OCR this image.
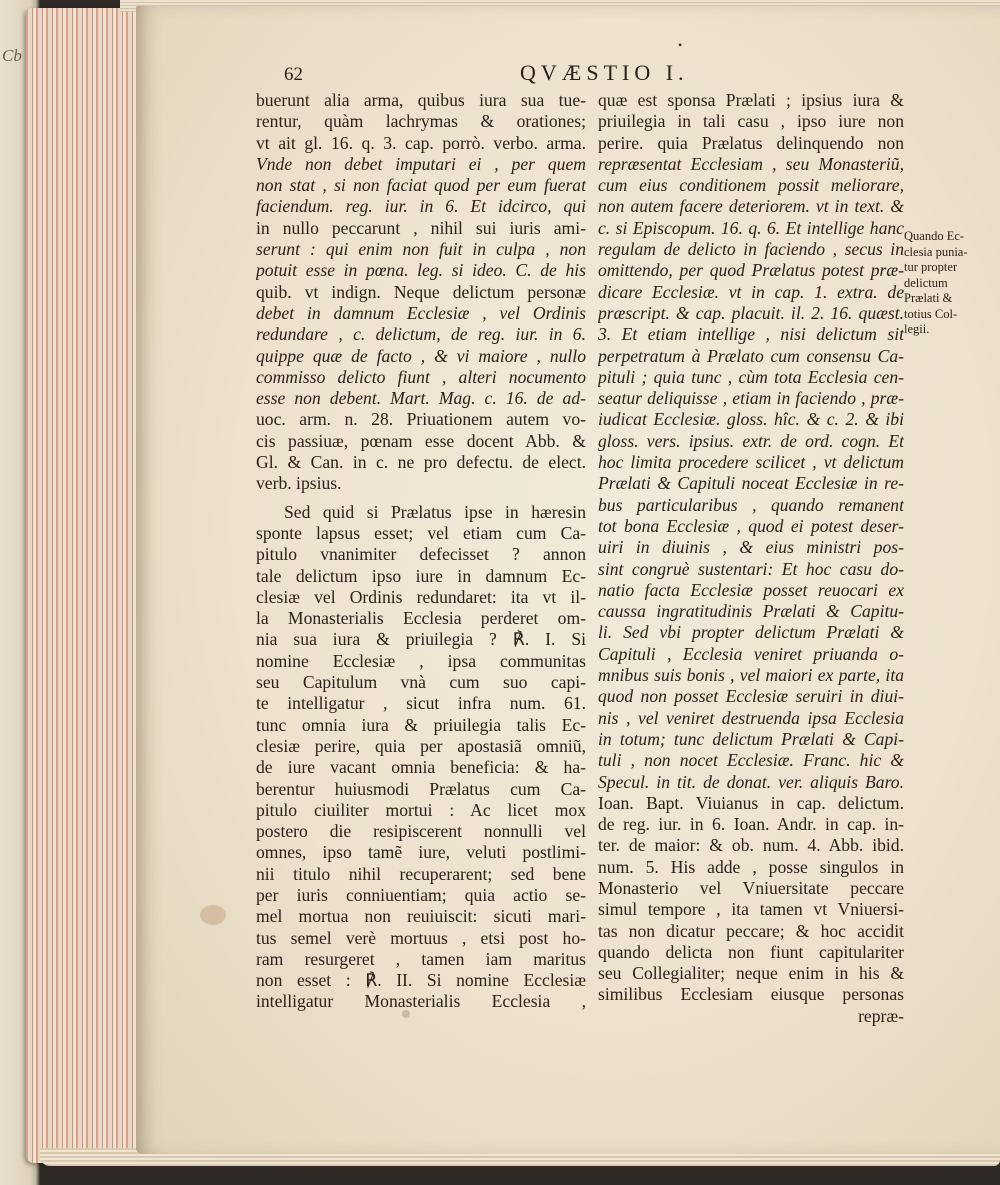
Cb
•
62	QVÆSTIO I.
buerunt alia arma, quibus iura sua tue-
rentur, quàm lachrymas & orationes;
vt ait gl. 16. q. 3. cap. porrò. verbo. arma.
Vnde non debet imputari ei , per quem
non stat , si non faciat quod per eum fuerat
faciendum. reg. iur. in 6. Et idcirco, qui
in nullo peccarunt , nihil sui iuris ami-
serunt : qui enim non fuit in culpa , non
potuit esse in pœna. leg. si ideo. C. de his
quib. vt indign. Neque delictum personæ
debet in damnum Ecclesiæ , vel Ordinis
redundare , c. delictum, de reg. iur. in 6.
quippe quæ de facto , & vi maiore , nullo
commisso delicto fiunt , alteri nocumento
esse non debent. Mart. Mag. c. 16. de ad-
uoc. arm. n. 28. Priuationem autem vo-
cis passiuæ, pœnam esse docent Abb. &
Gl. & Can. in c. ne pro defectu. de elect.
verb. ipsius.
Sed quid si Prælatus ipse in hæresin
sponte lapsus esset; vel etiam cum Ca-
pitulo vnanimiter defecisset ? annon
tale delictum ipso iure in damnum Ec-
clesiæ vel Ordinis redundaret: ita vt il-
la Monasterialis Ecclesia perderet om-
nia sua iura & priuilegia ? ℟. I. Si
nomine Ecclesiæ , ipsa communitas
seu Capitulum vnà cum suo capi-
te intelligatur , sicut infra num. 61.
tunc omnia iura & priuilegia talis Ec-
clesiæ perire, quia per apostasiã omniũ,
de iure vacant omnia beneficia: & ha-
berentur huiusmodi Prælatus cum Ca-
pitulo ciuiliter mortui : Ac licet mox
postero die resipiscerent nonnulli vel
omnes, ipso tamẽ iure, veluti postlimi-
nii titulo nihil recuperarent; sed bene
per iuris conniuentiam; quia actio se-
mel mortua non reuiuiscit: sicuti mari-
tus semel verè mortuus , etsi post ho-
ram resurgeret , tamen iam maritus
non esset : ℟. II. Si nomine Ecclesiæ
intelligatur Monasterialis Ecclesia ,
quæ est sponsa Prælati ; ipsius iura &
priuilegia in tali casu , ipso iure non
perire. quia Prælatus delinquendo non
repræsentat Ecclesiam , seu Monasteriũ,
cum eius conditionem possit meliorare,
non autem facere deteriorem. vt in text. &
c. si Episcopum. 16. q. 6. Et intellige hanc
regulam de delicto in faciendo , secus in
omittendo, per quod Prælatus potest præ-
dicare Ecclesiæ. vt in cap. 1. extra. de
præscript. & cap. placuit. il. 2. 16. quæst.
3. Et etiam intellige , nisi delictum sit
perpetratum à Prælato cum consensu Ca-
pituli ; quia tunc , cùm tota Ecclesia cen-
seatur deliquisse , etiam in faciendo , præ-
iudicat Ecclesiæ. gloss. hîc. & c. 2. & ibi
gloss. vers. ipsius. extr. de ord. cogn. Et
hoc limita procedere scilicet , vt delictum
Prælati & Capituli noceat Ecclesiæ in re-
bus particularibus , quando remanent
tot bona Ecclesiæ , quod ei potest deser-
uiri in diuinis , & eius ministri pos-
sint congruè sustentari: Et hoc casu do-
natio facta Ecclesiæ posset reuocari ex
caussa ingratitudinis Prælati & Capitu-
li. Sed vbi propter delictum Prælati &
Capituli , Ecclesia veniret priuanda o-
mnibus suis bonis , vel maiori ex parte, ita
quod non posset Ecclesiæ seruiri in diui-
nis , vel veniret destruenda ipsa Ecclesia
in totum; tunc delictum Prælati & Capi-
tuli , non nocet Ecclesiæ. Franc. hic &
Specul. in tit. de donat. ver. aliquis Baro.
Ioan. Bapt. Viuianus in cap. delictum.
de reg. iur. in 6. Ioan. Andr. in cap. in-
ter. de maior: & ob. num. 4. Abb. ibid.
num. 5. His adde , posse singulos in
Monasterio vel Vniuersitate peccare
simul tempore , ita tamen vt Vniuersi-
tas non dicatur peccare; & hoc accidit
quando delicta non fiunt capitulariter
seu Collegialiter; neque enim in his &
similibus Ecclesiam eiusque personas
repræ-
Quando Ec-
clesia punia-
tur propter
delictum
Prælati &
totius Col-
legii.
